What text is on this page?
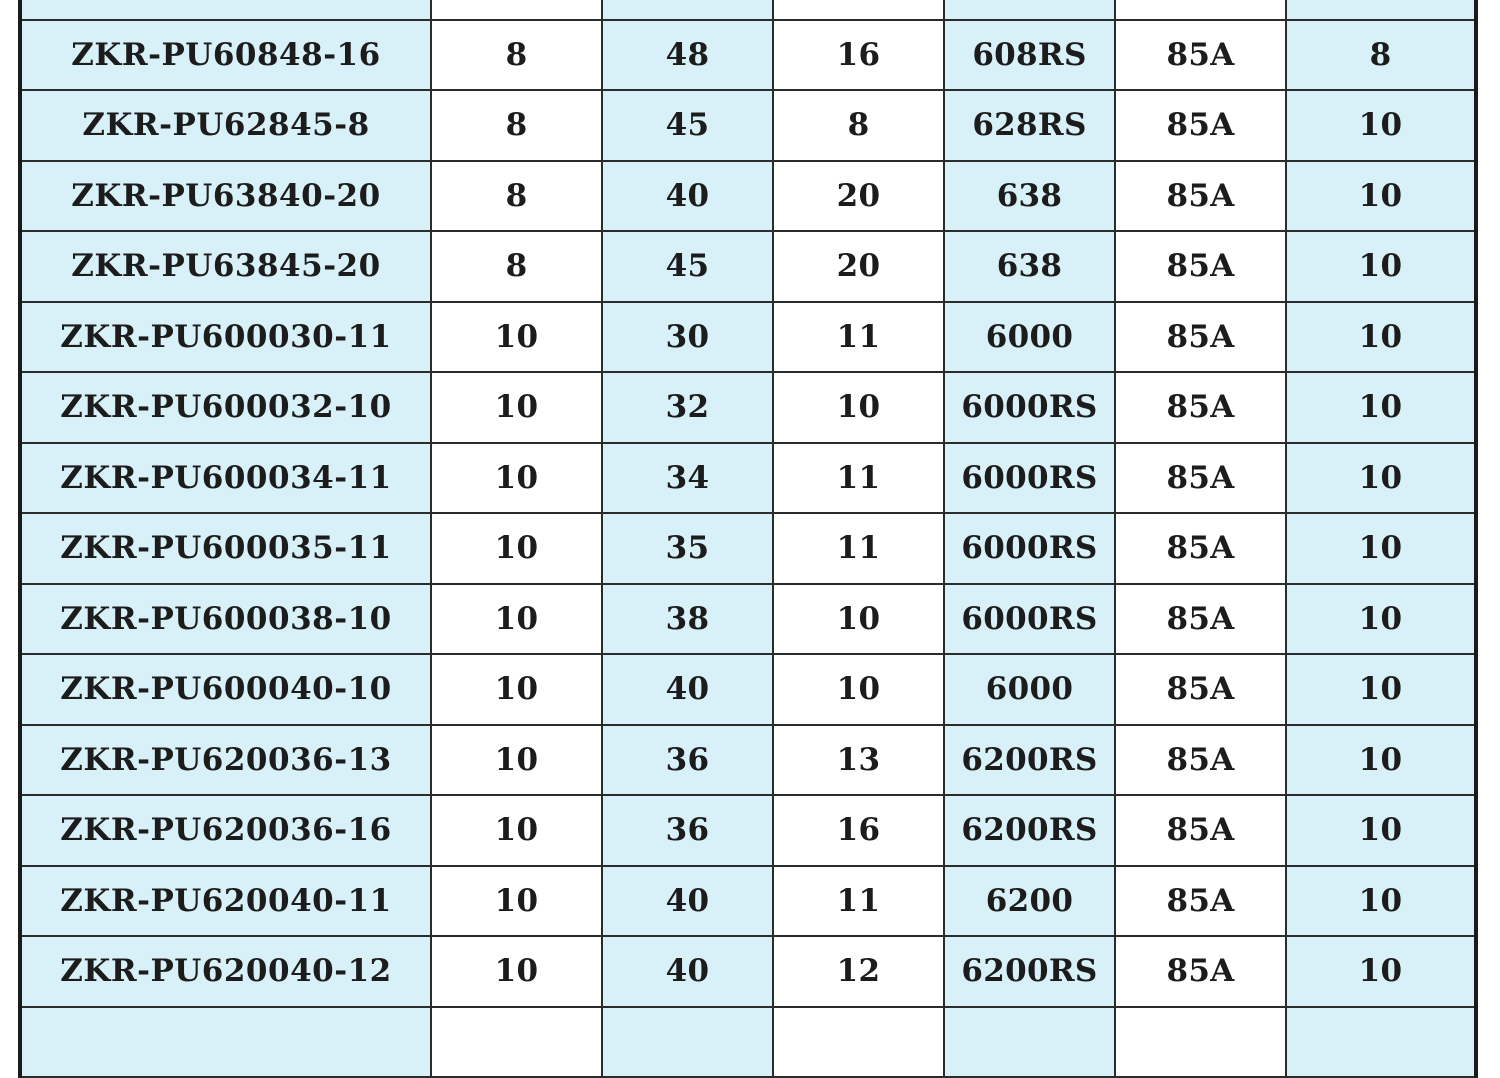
ZKR-PU60848-16	8	48	16	608RS	85A	8
ZKR-PU62845-8	8	45	8	628RS	85A	10
ZKR-PU63840-20	8	40	20	638	85A	10
ZKR-PU63845-20	8	45	20	638	85A	10
ZKR-PU600030-11	10	30	11	6000	85A	10
ZKR-PU600032-10	10	32	10	6000RS	85A	10
ZKR-PU600034-11	10	34	11	6000RS	85A	10
ZKR-PU600035-11	10	35	11	6000RS	85A	10
ZKR-PU600038-10	10	38	10	6000RS	85A	10
ZKR-PU600040-10	10	40	10	6000	85A	10
ZKR-PU620036-13	10	36	13	6200RS	85A	10
ZKR-PU620036-16	10	36	16	6200RS	85A	10
ZKR-PU620040-11	10	40	11	6200	85A	10
ZKR-PU620040-12	10	40	12	6200RS	85A	10
